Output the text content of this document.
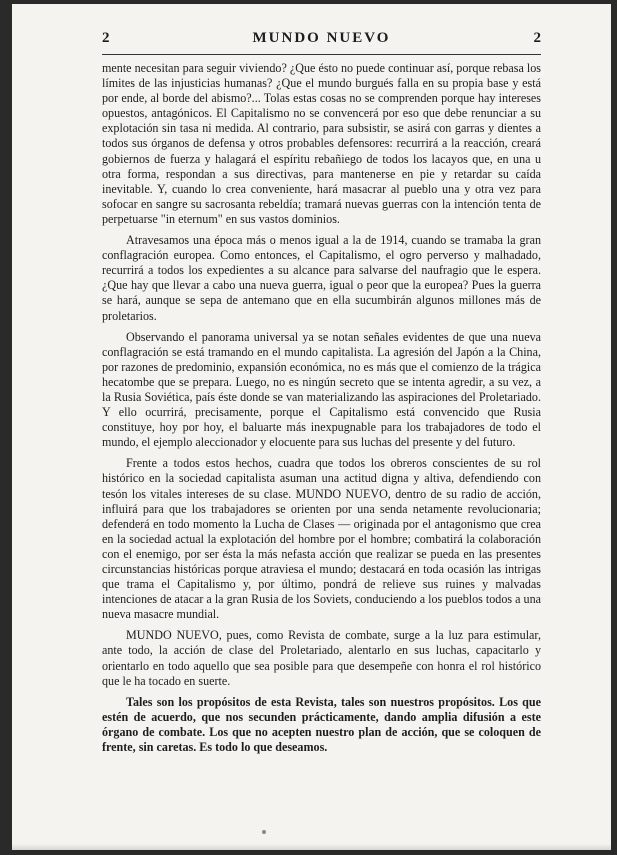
2	MUNDO NUEVO	2

mente necesitan para seguir viviendo? ¿Que ésto no puede continuar así, porque rebasa los límites de las injusticias humanas? ¿Que el mundo burgués falla en su propia base y está por ende, al borde del abismo?... Tolas estas cosas no se comprenden porque hay intereses opuestos, antagónicos. El Capitalismo no se convencerá por eso que debe renunciar a su explotación sin tasa ni medida. Al contrario, para subsistir, se asirá con garras y dientes a todos sus órganos de defensa y otros probables defensores: recurrirá a la reacción, creará gobiernos de fuerza y halagará el espíritu rebañiego de todos los lacayos que, en una u otra forma, respondan a sus directivas, para mantenerse en pie y retardar su caída inevitable. Y, cuando lo crea conveniente, hará masacrar al pueblo una y otra vez para sofocar en sangre su sacrosanta rebeldía; tramará nuevas guerras con la intención tenta de perpetuarse "in eternum" en sus vastos dominios.

Atravesamos una época más o menos igual a la de 1914, cuando se tramaba la gran conflagración europea. Como entonces, el Capitalismo, el ogro perverso y malhadado, recurrirá a todos los expedientes a su alcance para salvarse del naufragio que le espera. ¿Que hay que llevar a cabo una nueva guerra, igual o peor que la europea? Pues la guerra se hará, aunque se sepa de antemano que en ella sucumbirán algunos millones más de proletarios.

Observando el panorama universal ya se notan señales evidentes de que una nueva conflagración se está tramando en el mundo capitalista. La agresión del Japón a la China, por razones de predominio, expansión económica, no es más que el comienzo de la trágica hecatombe que se prepara. Luego, no es ningún secreto que se intenta agredir, a su vez, a la Rusia Soviética, país éste donde se van materializando las aspiraciones del Proletariado. Y ello ocurrirá, precisamente, porque el Capitalismo está convencido que Rusia constituye, hoy por hoy, el baluarte más inexpugnable para los trabajadores de todo el mundo, el ejemplo aleccionador y elocuente para sus luchas del presente y del futuro.

Frente a todos estos hechos, cuadra que todos los obreros conscientes de su rol histórico en la sociedad capitalista asuman una actitud digna y altiva, defendiendo con tesón los vitales intereses de su clase. MUNDO NUEVO, dentro de su radio de acción, influirá para que los trabajadores se orienten por una senda netamente revolucionaria; defenderá en todo momento la Lucha de Clases — originada por el antagonismo que crea en la sociedad actual la explotación del hombre por el hombre; combatirá la colaboración con el enemigo, por ser ésta la más nefasta acción que realizar se pueda en las presentes circunstancias históricas porque atraviesa el mundo; destacará en toda ocasión las intrigas que trama el Capitalismo y, por último, pondrá de relieve sus ruines y malvadas intenciones de atacar a la gran Rusia de los Soviets, conduciendo a los pueblos todos a una nueva masacre mundial.

MUNDO NUEVO, pues, como Revista de combate, surge a la luz para estimular, ante todo, la acción de clase del Proletariado, alentarlo en sus luchas, capacitarlo y orientarlo en todo aquello que sea posible para que desempeñe con honra el rol histórico que le ha tocado en suerte.

Tales son los propósitos de esta Revista, tales son nuestros propósitos. Los que estén de acuerdo, que nos secunden prácticamente, dando amplia difusión a este órgano de combate. Los que no acepten nuestro plan de acción, que se coloquen de frente, sin caretas. Es todo lo que deseamos.
